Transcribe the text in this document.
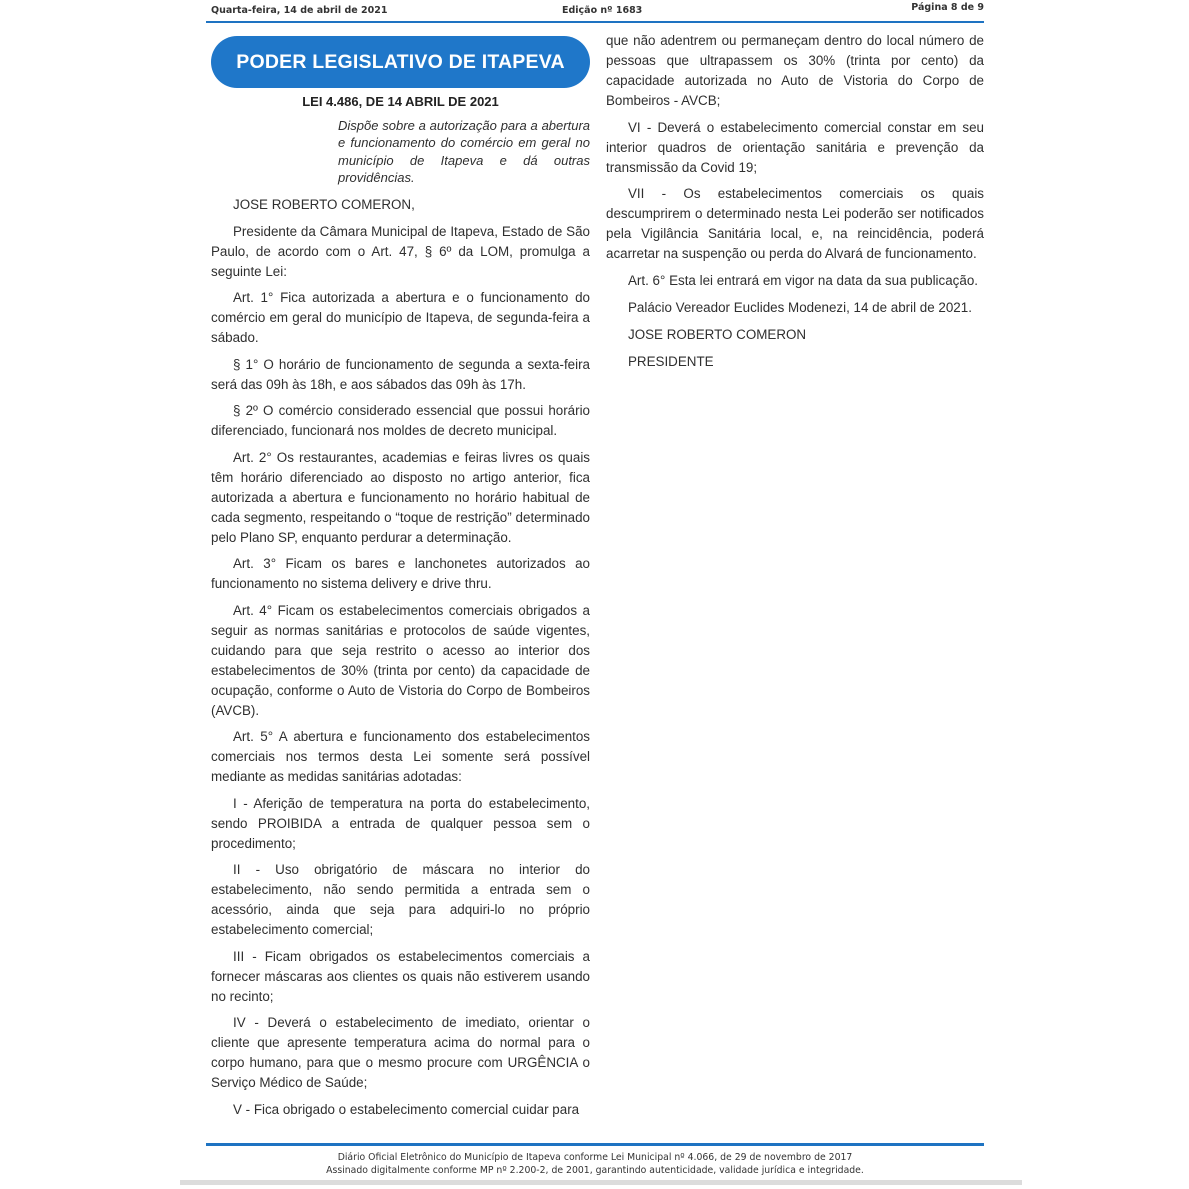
Quarta-feira, 14 de abril de 2021	Edição nº 1683	Página 8 de 9
PODER LEGISLATIVO DE ITAPEVA
LEI 4.486, DE 14 ABRIL DE 2021
Dispõe sobre a autorização para a abertura e funcionamento do comércio em geral no município de Itapeva e dá outras providências.

JOSE ROBERTO COMERON,

Presidente da Câmara Municipal de Itapeva, Estado de São Paulo, de acordo com o Art. 47, § 6º da LOM, promulga a seguinte Lei:

Art. 1° Fica autorizada a abertura e o funcionamento do comércio em geral do município de Itapeva, de segunda-feira a sábado.

§ 1° O horário de funcionamento de segunda a sexta-feira será das 09h às 18h, e aos sábados das 09h às 17h.

§ 2º O comércio considerado essencial que possui horário diferenciado, funcionará nos moldes de decreto municipal.

Art. 2° Os restaurantes, academias e feiras livres os quais têm horário diferenciado ao disposto no artigo anterior, fica autorizada a abertura e funcionamento no horário habitual de cada segmento, respeitando o “toque de restrição” determinado pelo Plano SP, enquanto perdurar a determinação.

Art. 3° Ficam os bares e lanchonetes autorizados ao funcionamento no sistema delivery e drive thru.

Art. 4° Ficam os estabelecimentos comerciais obrigados a seguir as normas sanitárias e protocolos de saúde vigentes, cuidando para que seja restrito o acesso ao interior dos estabelecimentos de 30% (trinta por cento) da capacidade de ocupação, conforme o Auto de Vistoria do Corpo de Bombeiros (AVCB).

Art. 5° A abertura e funcionamento dos estabelecimentos comerciais nos termos desta Lei somente será possível mediante as medidas sanitárias adotadas:

I - Aferição de temperatura na porta do estabelecimento, sendo PROIBIDA a entrada de qualquer pessoa sem o procedimento;

II - Uso obrigatório de máscara no interior do estabelecimento, não sendo permitida a entrada sem o acessório, ainda que seja para adquiri-lo no próprio estabelecimento comercial;

III - Ficam obrigados os estabelecimentos comerciais a fornecer máscaras aos clientes os quais não estiverem usando no recinto;

IV - Deverá o estabelecimento de imediato, orientar o cliente que apresente temperatura acima do normal para o corpo humano, para que o mesmo procure com URGÊNCIA o Serviço Médico de Saúde;

V - Fica obrigado o estabelecimento comercial cuidar para

que não adentrem ou permaneçam dentro do local número de pessoas que ultrapassem os 30% (trinta por cento) da capacidade autorizada no Auto de Vistoria do Corpo de Bombeiros - AVCB;

VI - Deverá o estabelecimento comercial constar em seu interior quadros de orientação sanitária e prevenção da transmissão da Covid 19;

VII - Os estabelecimentos comerciais os quais descumprirem o determinado nesta Lei poderão ser notificados pela Vigilância Sanitária local, e, na reincidência, poderá acarretar na suspenção ou perda do Alvará de funcionamento.

Art. 6° Esta lei entrará em vigor na data da sua publicação.

Palácio Vereador Euclides Modenezi, 14 de abril de 2021.

JOSE ROBERTO COMERON

PRESIDENTE

Diário Oficial Eletrônico do Município de Itapeva conforme Lei Municipal nº 4.066, de 29 de novembro de 2017
Assinado digitalmente conforme MP nº 2.200-2, de 2001, garantindo autenticidade, validade jurídica e integridade.
